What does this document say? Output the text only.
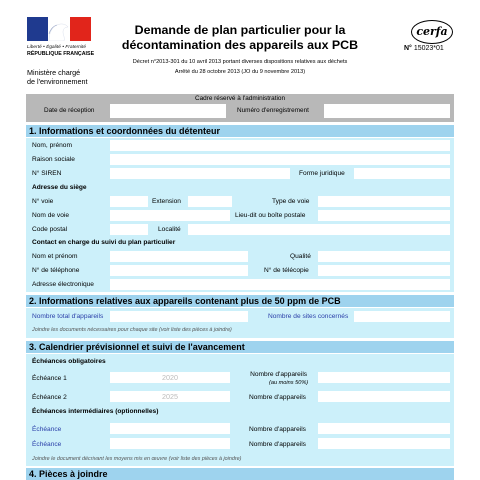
Liberté • Égalité • Fraternité
RÉPUBLIQUE FRANÇAISE
Ministère chargé
de l'environnement
Demande de plan particulier pour la
décontamination des appareils aux PCB
Décret n°2013-301 du 10 avril 2013 portant diverses dispositions relatives aux déchets
Arrêté du 28 octobre 2013 (JO du 9 novembre 2013)
cerfa
N° 15023*01
Cadre réservé à l'administration
Date de réception	Numéro d'enregistrement
1. Informations et coordonnées du détenteur
Nom, prénom
Raison sociale
N° SIREN	Forme juridique
Adresse du siège
N° voie	Extension	Type de voie
Nom de voie	Lieu-dit ou boîte postale
Code postal	Localité
Contact en charge du suivi du plan particulier
Nom et prénom	Qualité
N° de téléphone	N° de télécopie
Adresse électronique
2. Informations relatives aux appareils contenant plus de 50 ppm de PCB
Nombre total d'appareils	Nombre de sites concernés
Joindre les documents nécessaires pour chaque site (voir liste des pièces à joindre)
3. Calendrier prévisionnel et suivi de l'avancement
Échéances obligatoires
Échéance 1	2020	Nombre d'appareils
(au moins 50%)
Échéance 2	2025	Nombre d'appareils
Échéances intermédiaires (optionnelles)
Échéance	Nombre d'appareils
Échéance	Nombre d'appareils
Joindre le document décrivant les moyens mis en œuvre (voir liste des pièces à joindre)
4. Pièces à joindre
